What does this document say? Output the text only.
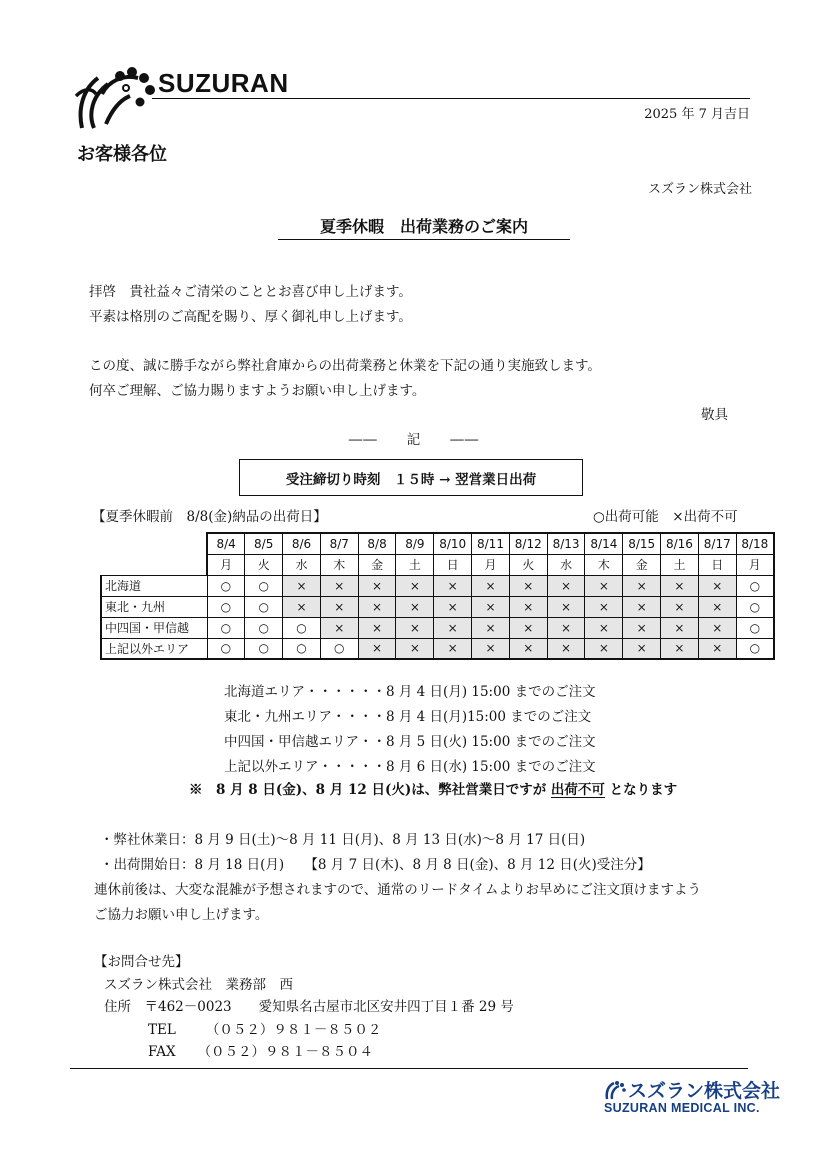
SUZURAN
2025 年 7 月吉日
お客様各位
スズラン株式会社
夏季休暇　出荷業務のご案内
拝啓　貴社益々ご清栄のこととお喜び申し上げます。
平素は格別のご高配を賜り、厚く御礼申し上げます。
この度、誠に勝手ながら弊社倉庫からの出荷業務と休業を下記の通り実施致します。
何卒ご理解、ご協力賜りますようお願い申し上げます。
敬具
――　　記　　――
受注締切り時刻　１５時 → 翌営業日出荷
【夏季休暇前　8/8(金)納品の出荷日】	○出荷可能　×出荷不可
	8/4	8/5	8/6	8/7	8/8	8/9	8/10	8/11	8/12	8/13	8/14	8/15	8/16	8/17	8/18
	月	火	水	木	金	土	日	月	火	水	木	金	土	日	月
北海道	○	○	×	×	×	×	×	×	×	×	×	×	×	×	○
東北・九州	○	○	×	×	×	×	×	×	×	×	×	×	×	×	○
中四国・甲信越	○	○	○	×	×	×	×	×	×	×	×	×	×	×	○
上記以外エリア	○	○	○	○	×	×	×	×	×	×	×	×	×	×	○
北海道エリア・・・・・・8 月 4 日(月) 15:00 までのご注文
東北・九州エリア・・・・8 月 4 日(月)15:00 までのご注文
中四国・甲信越エリア・・8 月 5 日(火) 15:00 までのご注文
上記以外エリア・・・・・8 月 6 日(水) 15:00 までのご注文
※　8 月 8 日(金)、8 月 12 日(火)は、弊社営業日ですが 出荷不可 となります
・弊社休業日：8 月 9 日(土)～8 月 11 日(月)、8 月 13 日(水)～8 月 17 日(日)
・出荷開始日：8 月 18 日(月)　　【8 月 7 日(木)、8 月 8 日(金)、8 月 12 日(火)受注分】
連休前後は、大変な混雑が予想されますので、通常のリードタイムよりお早めにご注文頂けますよう
ご協力お願い申し上げます。
【お問合せ先】
スズラン株式会社　業務部　西
住所　〒462－0023　　愛知県名古屋市北区安井四丁目１番 29 号
TEL （０５２）９８１－８５０２
FAX （０５２）９８１－８５０４
スズラン株式会社
SUZURAN MEDICAL INC.
